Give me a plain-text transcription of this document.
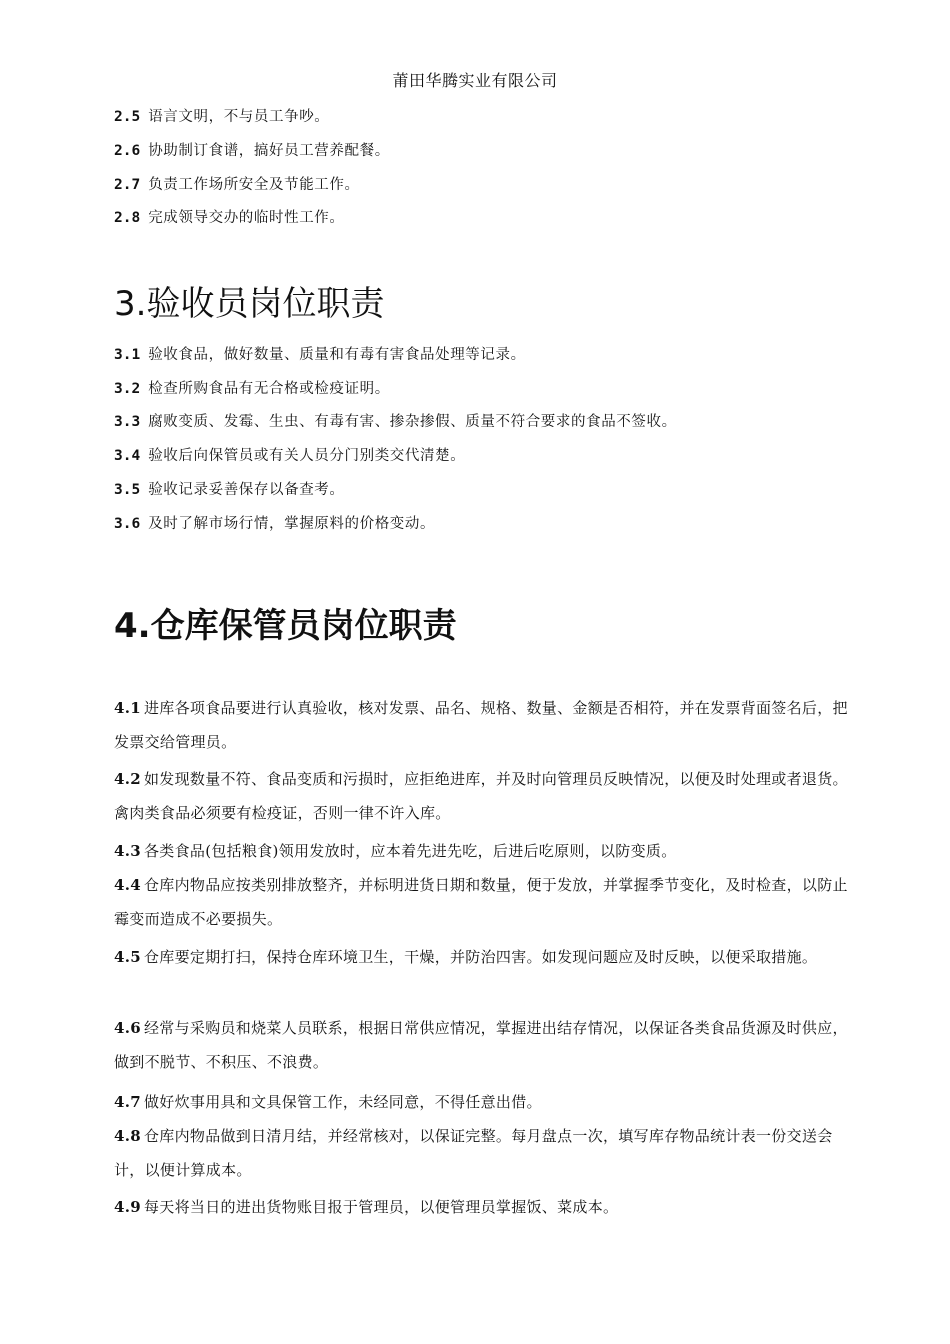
莆田华腾实业有限公司
2.5 语言文明，不与员工争吵。
2.6 协助制订食谱，搞好员工营养配餐。
2.7 负责工作场所安全及节能工作。
2.8 完成领导交办的临时性工作。
3.验收员岗位职责
3.1 验收食品，做好数量、质量和有毒有害食品处理等记录。
3.2 检查所购食品有无合格或检疫证明。
3.3 腐败变质、发霉、生虫、有毒有害、掺杂掺假、质量不符合要求的食品不签收。
3.4 验收后向保管员或有关人员分门别类交代清楚。
3.5 验收记录妥善保存以备查考。
3.6 及时了解市场行情，掌握原料的价格变动。
4.仓库保管员岗位职责
4.1 进库各项食品要进行认真验收，核对发票、品名、规格、数量、金额是否相符，并在发票背面签名后，把发票交给管理员。
4.2 如发现数量不符、食品变质和污损时，应拒绝进库，并及时向管理员反映情况，以便及时处理或者退货。禽肉类食品必须要有检疫证，否则一律不许入库。
4.3 各类食品(包括粮食)领用发放时，应本着先进先吃，后进后吃原则，以防变质。
4.4 仓库内物品应按类别排放整齐，并标明进货日期和数量，便于发放，并掌握季节变化，及时检查，以防止霉变而造成不必要损失。
4.5 仓库要定期打扫，保持仓库环境卫生，干燥，并防治四害。如发现问题应及时反映，以便采取措施。
4.6 经常与采购员和烧菜人员联系，根据日常供应情况，掌握进出结存情况，以保证各类食品货源及时供应，做到不脱节、不积压、不浪费。
4.7 做好炊事用具和文具保管工作，未经同意，不得任意出借。
4.8 仓库内物品做到日清月结，并经常核对，以保证完整。每月盘点一次，填写库存物品统计表一份交送会计，以便计算成本。
4.9 每天将当日的进出货物账目报于管理员，以便管理员掌握饭、菜成本。
